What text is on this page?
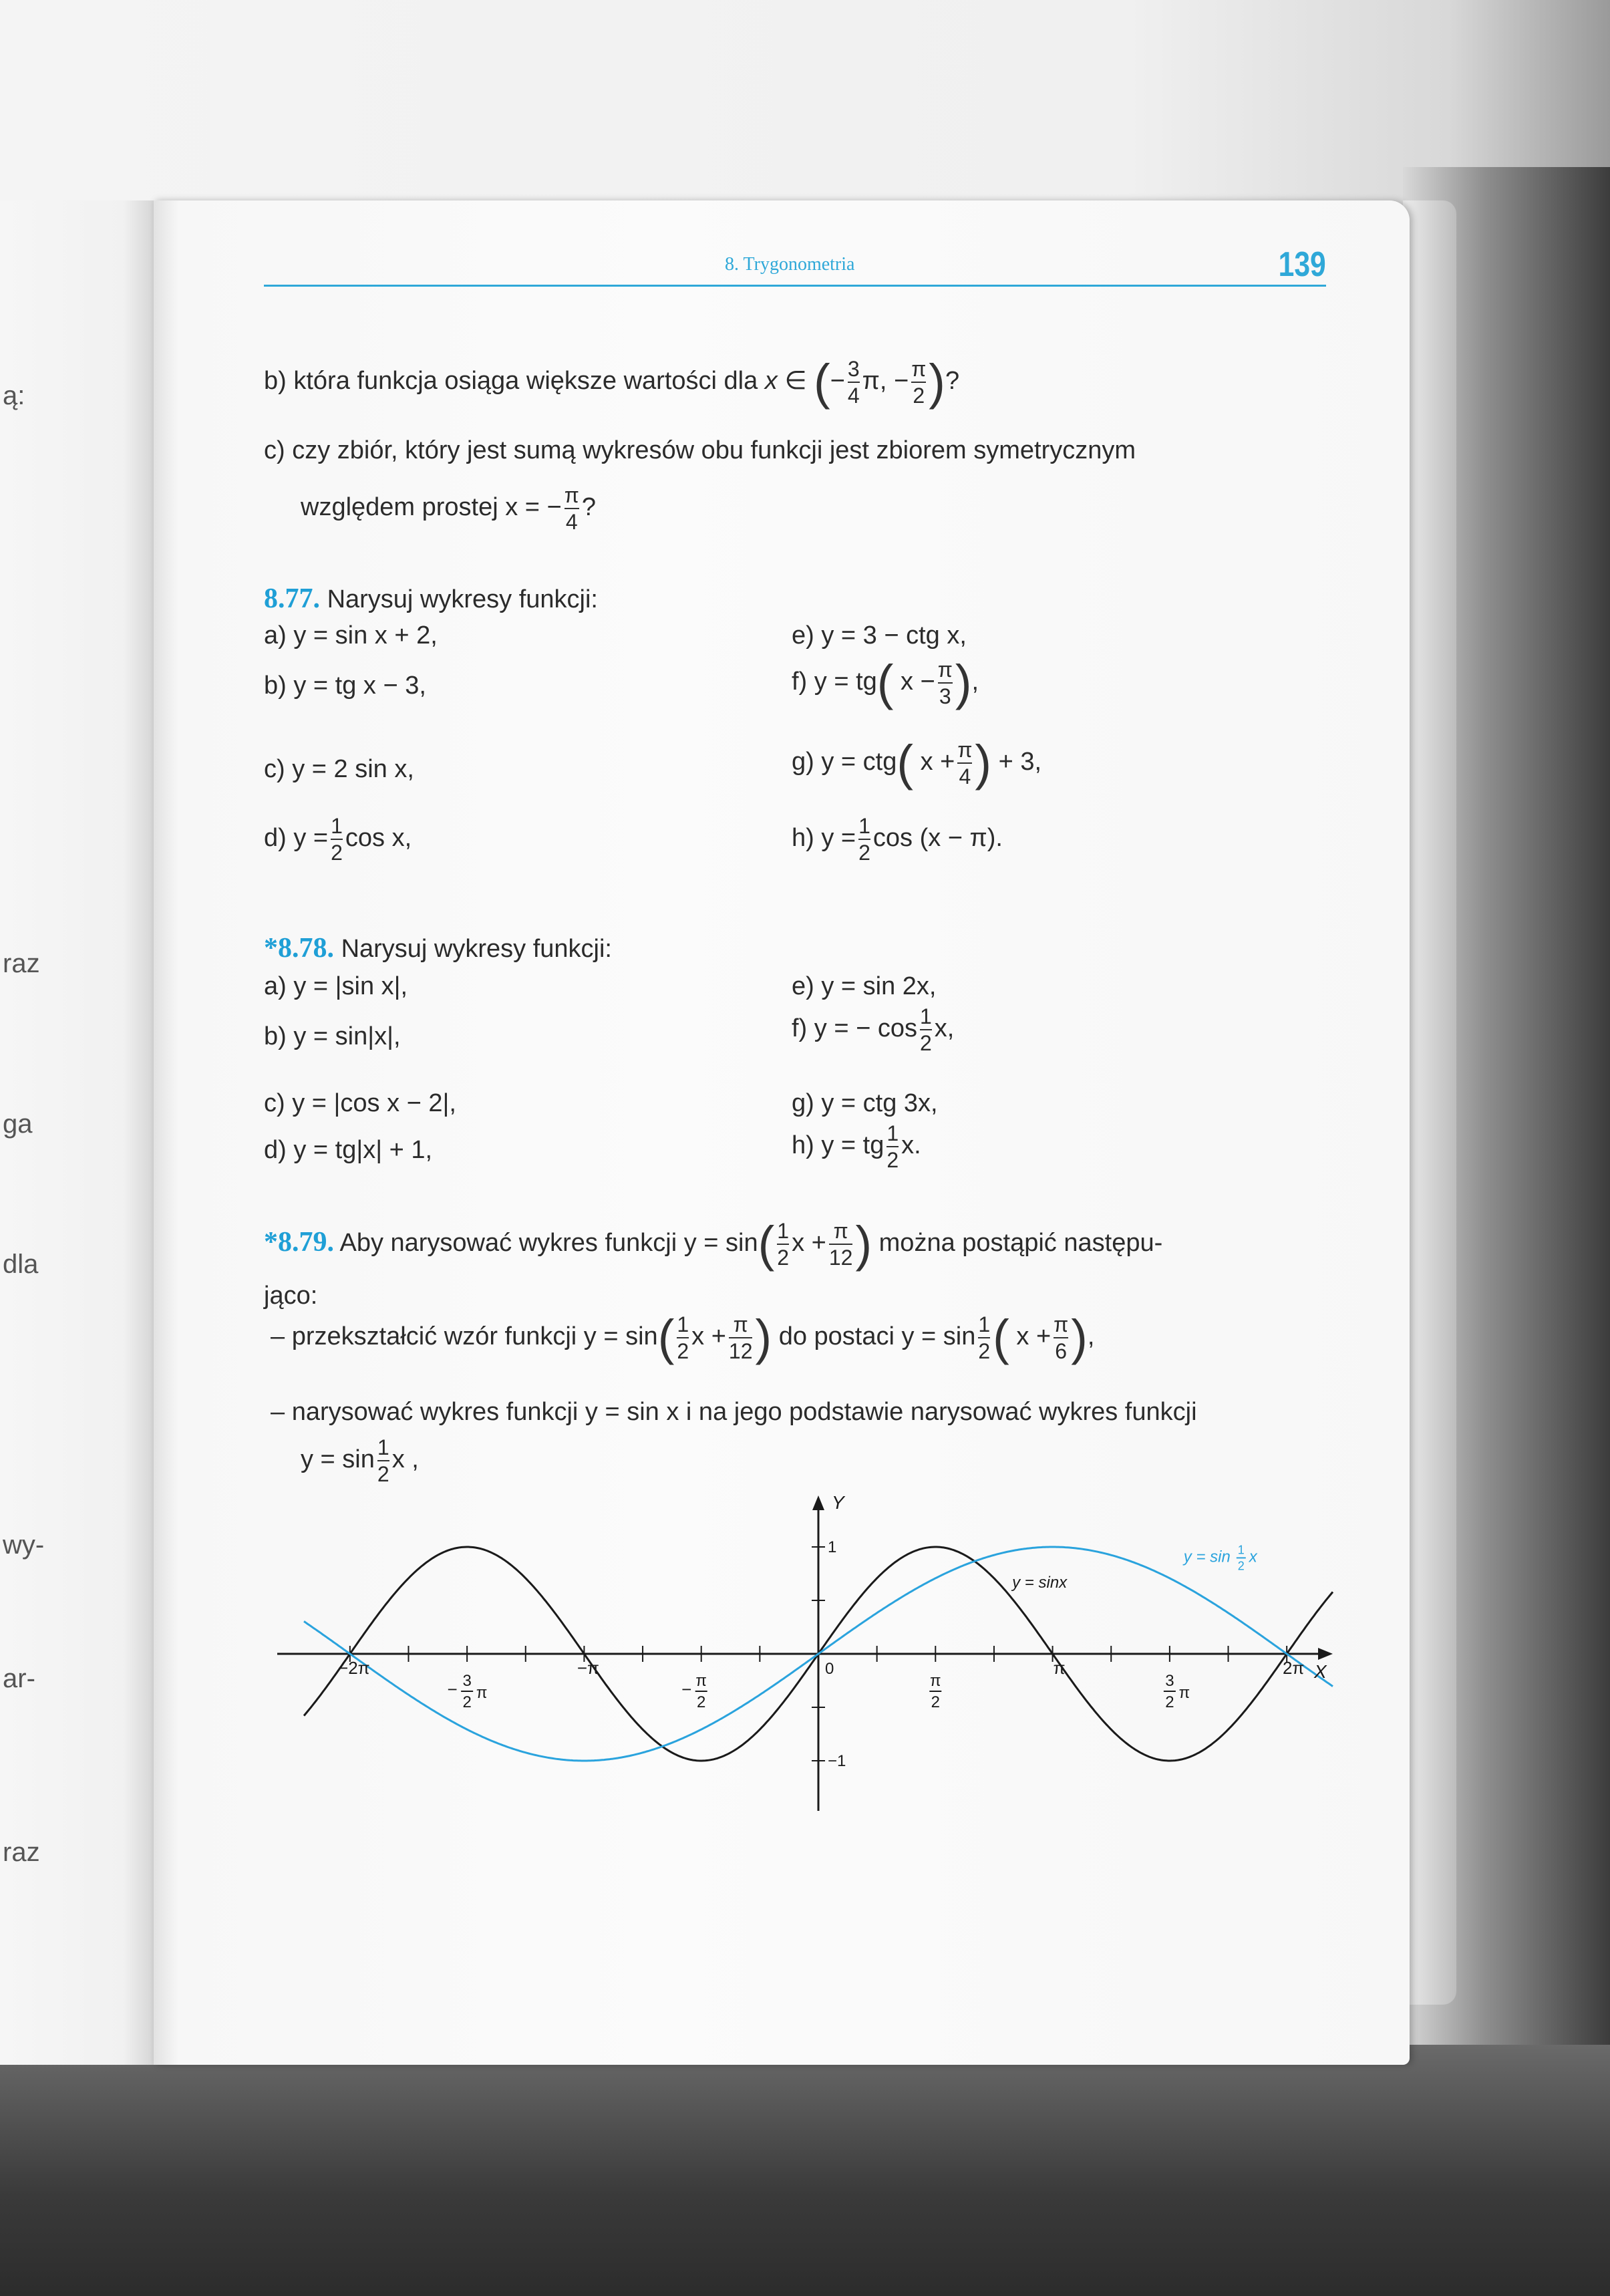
ą:
raz
ga
dla
wy-
ar-
raz
8. Trygonometria	139
b) która funkcja osiąga większe wartości dla x ∈ (− $\frac{3}{4} \pi$, − $\frac{\pi}{2}$ )?
c) czy zbiór, który jest sumą wykresów obu funkcji jest zbiorem symetrycznym
względem prostej x = − $\frac{\pi}{4}$ ?
8.77. Narysuj wykresy funkcji:
a) y = sin x + 2,
b) y = tg x − 3,
c) y = 2 sin x,
d) $y = \frac{1}{2}$ cos x,
e) y = 3 − ctg x,
f) y = tg( $x - \frac{\pi}{3}$ ),
g) y = ctg( $x + \frac{\pi}{4}$ ) + 3,
h) $y = \frac{1}{2}$ cos (x − π).
*8.78. Narysuj wykresy funkcji:
a) y = |sin x|,
b) y = sin|x|,
c) y = |cos x − 2|,
d) y = tg|x| + 1,
e) y = sin 2x,
f) y = − $\cos \frac{1}{2} x$,
g) y = ctg 3x,
h) y = tg $\frac{1}{2} x$.
*8.79. Aby narysować wykres funkcji $y = \sin( \frac{1}{2}$ $x + \frac{\pi}{12}$ ) można postąpić następu-
jąco:
– przekształcić wzór funkcji $y = \sin( \frac{1}{2}$ $x + \frac{\pi}{12}$ ) do postaci $y = \sin \frac{1}{2}$ ( $x + \frac{\pi}{6}$ ),
– narysować wykres funkcji y = sin x i na jego podstawie narysować wykres funkcji
$y = \sin \frac{1}{2}$ x ,
−2π
− 3
2
π
−π
− π
2
π
2
π
3
2
π
2π
Y
X
1
−1
0
y = sinx
y = sin 1
2 x
